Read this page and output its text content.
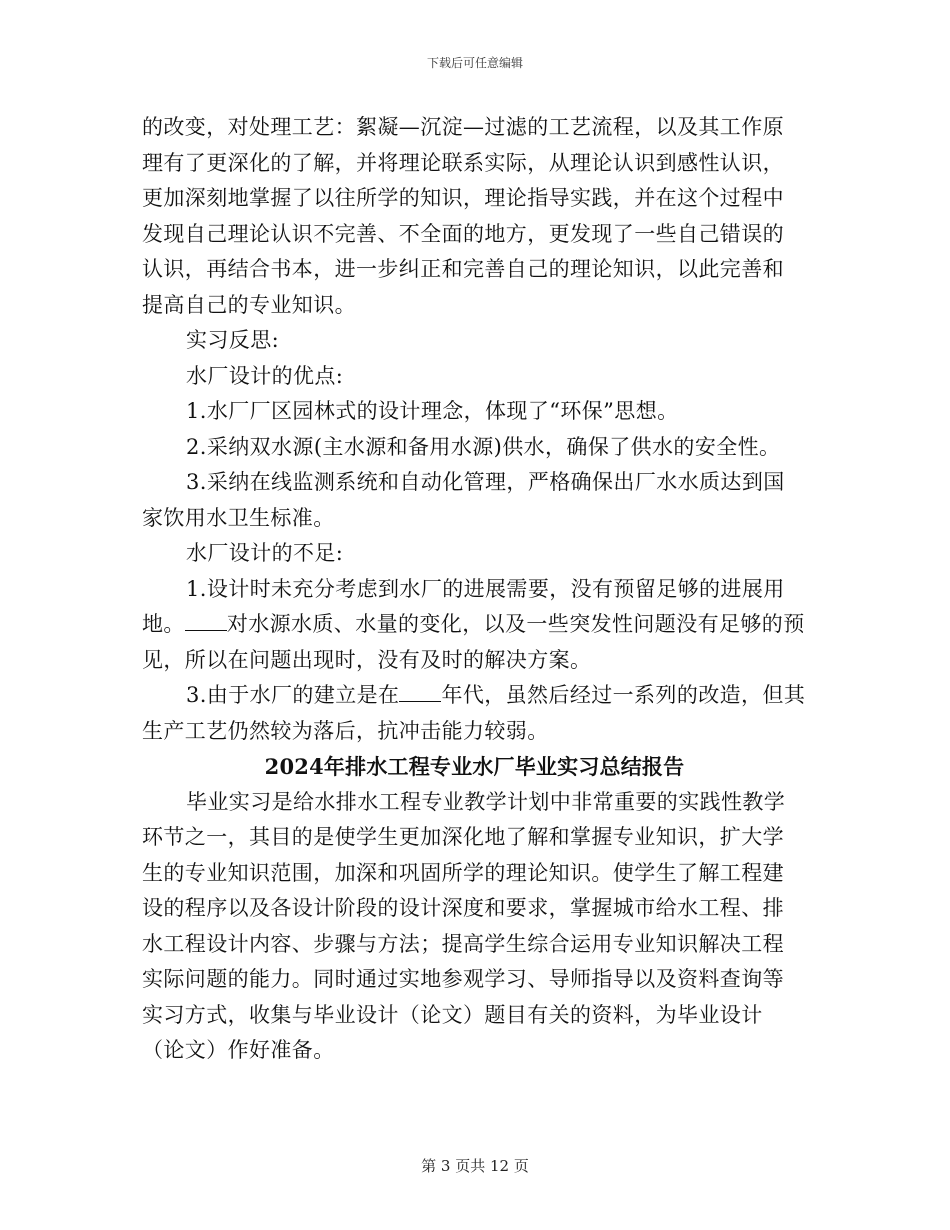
下载后可任意编辑
的改变，对处理工艺：絮凝—沉淀—过滤的工艺流程，以及其工作原
理有了更深化的了解，并将理论联系实际，从理论认识到感性认识，
更加深刻地掌握了以往所学的知识，理论指导实践，并在这个过程中
发现自己理论认识不完善、不全面的地方，更发现了一些自己错误的
认识，再结合书本，进一步纠正和完善自己的理论知识，以此完善和
提高自己的专业知识。
实习反思:
水厂设计的优点:
1.水厂厂区园林式的设计理念，体现了“环保”思想。
2.采纳双水源(主水源和备用水源)供水，确保了供水的安全性。
3.采纳在线监测系统和自动化管理，严格确保出厂水水质达到国
家饮用水卫生标准。
水厂设计的不足:
1.设计时未充分考虑到水厂的进展需要，没有预留足够的进展用
地。 对水源水质、水量的变化，以及一些突发性问题没有足够的预
见，所以在问题出现时，没有及时的解决方案。
3.由于水厂的建立是在 年代，虽然后经过一系列的改造，但其
生产工艺仍然较为落后，抗冲击能力较弱。
2024年排水工程专业水厂毕业实习总结报告
毕业实习是给水排水工程专业教学计划中非常重要的实践性教学
环节之一，其目的是使学生更加深化地了解和掌握专业知识，扩大学
生的专业知识范围，加深和巩固所学的理论知识。使学生了解工程建
设的程序以及各设计阶段的设计深度和要求，掌握城市给水工程、排
水工程设计内容、步骤与方法；提高学生综合运用专业知识解决工程
实际问题的能力。同时通过实地参观学习、导师指导以及资料查询等
实习方式，收集与毕业设计（论文）题目有关的资料，为毕业设计
（论文）作好准备。
第 3 页共 12 页
